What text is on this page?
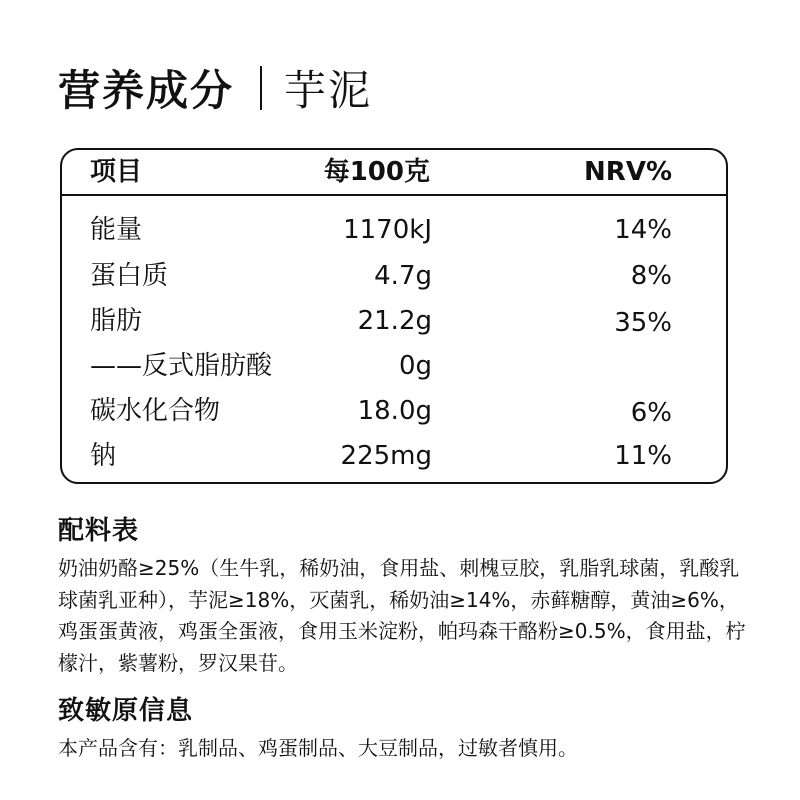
营养成分 芋泥
项目	每100克	NRV%
能量	1170kJ	14%
蛋白质	4.7g	8%
脂肪	21.2g	35%
——反式脂肪酸	0g
碳水化合物	18.0g	6%
钠	225mg	11%
配料表
奶油奶酪≥25%（生牛乳，稀奶油，食用盐、刺槐豆胶，乳脂乳球菌，乳酸乳球菌乳亚种），芋泥≥18%，灭菌乳，稀奶油≥14%，赤藓糖醇，黄油≥6%，鸡蛋蛋黄液，鸡蛋全蛋液，食用玉米淀粉，帕玛森干酪粉≥0.5%，食用盐，柠檬汁，紫薯粉，罗汉果苷。
致敏原信息
本产品含有：乳制品、鸡蛋制品、大豆制品，过敏者慎用。
